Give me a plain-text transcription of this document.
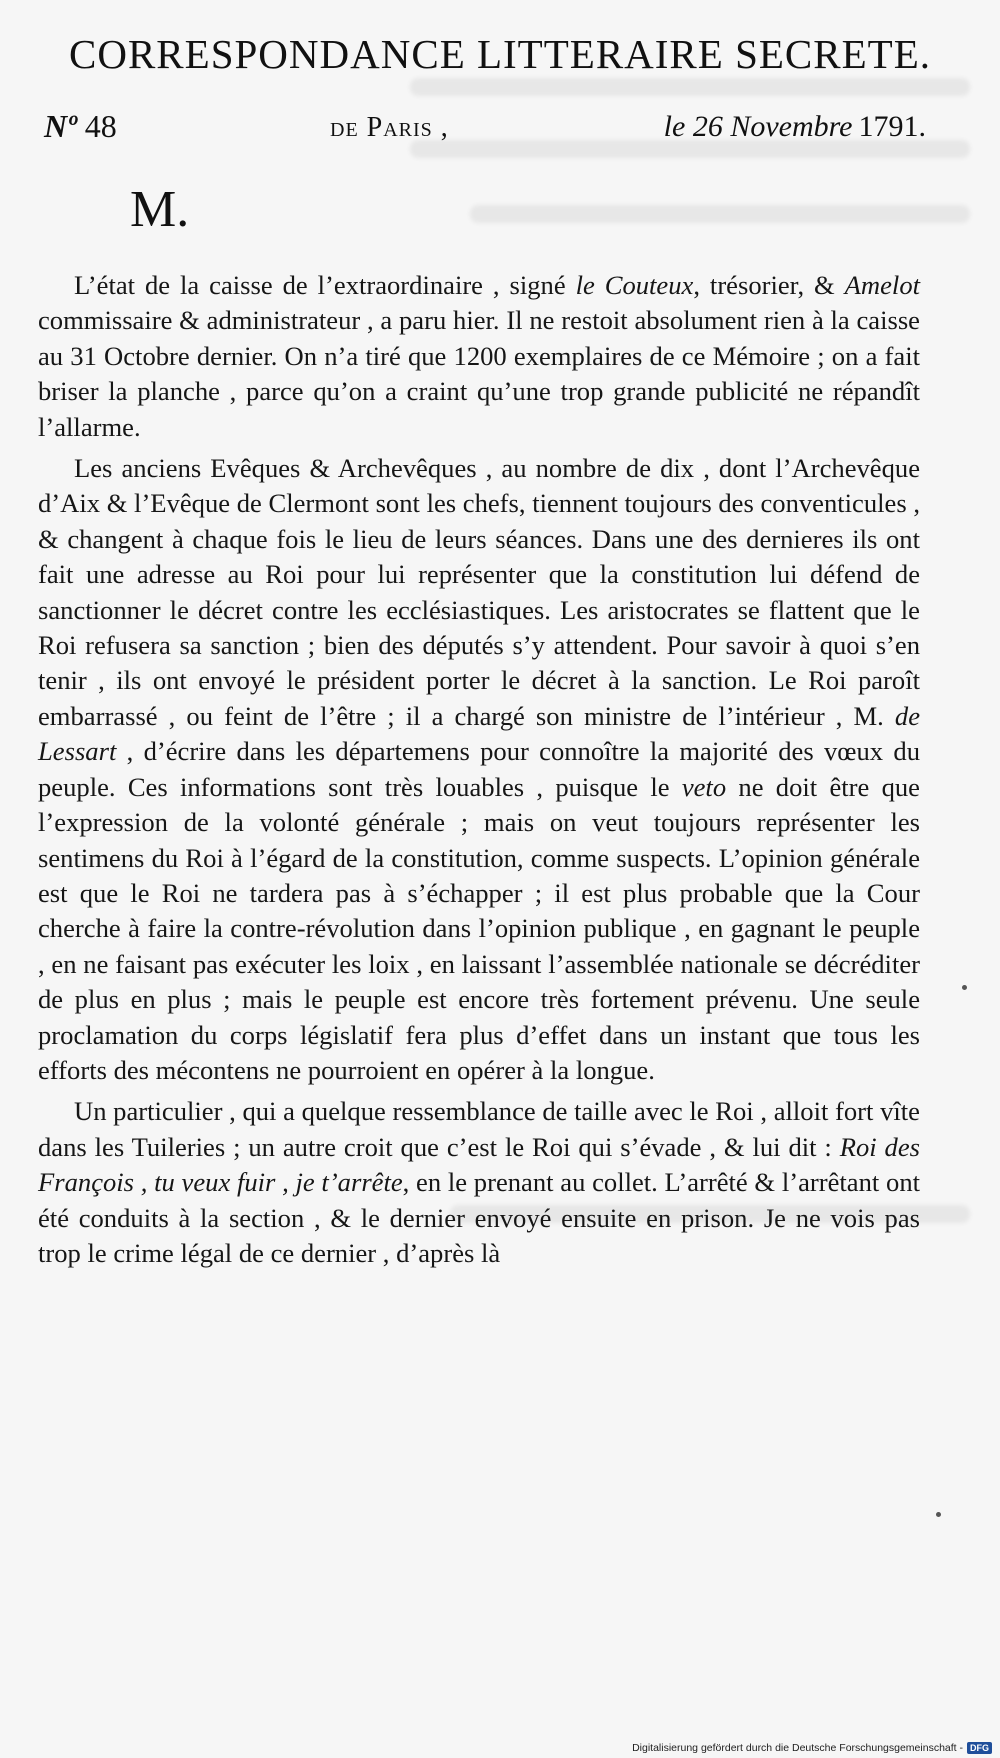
CORRESPONDANCE LITTERAIRE SECRETE.
Nº 48	de Paris ,	le 26 Novembre 1791.
M.

L’état de la caisse de l’extraordinaire , signé le Couteux, trésorier, & Amelot commissaire & administrateur , a paru hier. Il ne restoit absolument rien à la caisse au 31 Octobre dernier. On n’a tiré que 1200 exemplaires de ce Mémoire ; on a fait briser la planche , parce qu’on a craint qu’une trop grande publicité ne répandît l’allarme.

Les anciens Evêques & Archevêques , au nombre de dix , dont l’Archevêque d’Aix & l’Evêque de Clermont sont les chefs, tiennent toujours des conventicules , & changent à chaque fois le lieu de leurs séances. Dans une des dernieres ils ont fait une adresse au Roi pour lui représenter que la constitution lui défend de sanctionner le décret contre les ecclésiastiques. Les aristocrates se flattent que le Roi refusera sa sanction ; bien des députés s’y attendent. Pour savoir à quoi s’en tenir , ils ont envoyé le président porter le décret à la sanction. Le Roi paroît embarrassé , ou feint de l’être ; il a chargé son ministre de l’intérieur , M. de Lessart , d’écrire dans les départemens pour connoître la majorité des vœux du peuple. Ces informations sont très louables , puisque le veto ne doit être que l’expression de la volonté générale ; mais on veut toujours représenter les sentimens du Roi à l’égard de la constitution, comme suspects. L’opinion générale est que le Roi ne tardera pas à s’échapper ; il est plus probable que la Cour cherche à faire la contre-révolution dans l’opinion publique , en gagnant le peuple , en ne faisant pas exécuter les loix , en laissant l’assemblée nationale se décréditer de plus en plus ; mais le peuple est encore très fortement prévenu. Une seule proclamation du corps législatif fera plus d’effet dans un instant que tous les efforts des mécontens ne pourroient en opérer à la longue.

Un particulier , qui a quelque ressemblance de taille avec le Roi , alloit fort vîte dans les Tuileries ; un autre croit que c’est le Roi qui s’évade , & lui dit : Roi des François , tu veux fuir , je t’arrête, en le prenant au collet. L’arrêté & l’arrêtant ont été conduits à la section , & le dernier envoyé ensuite en prison. Je ne vois pas trop le crime légal de ce dernier , d’après là

Digitalisierung gefördert durch die Deutsche Forschungsgemeinschaft - DFG
